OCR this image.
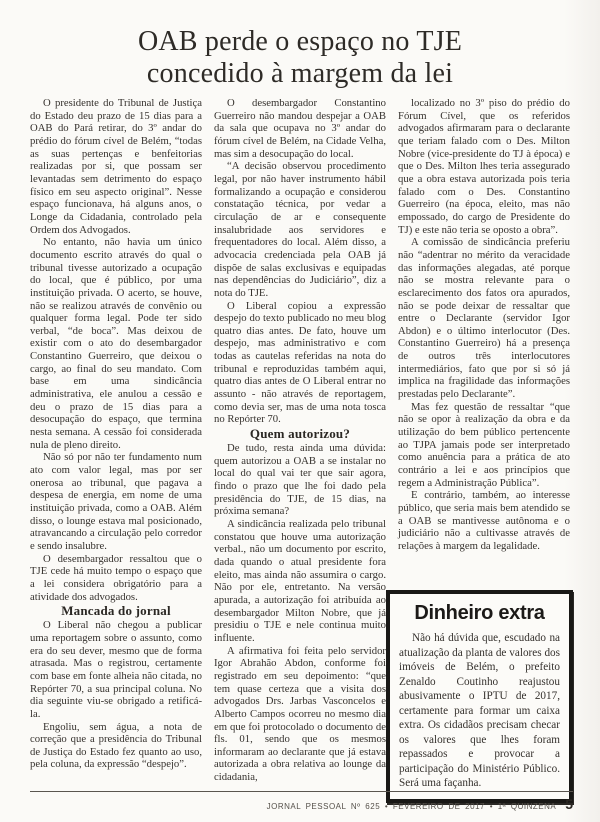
OAB perde o espaço no TJE
concedido à margem da lei

O presidente do Tribunal de Justiça do Estado deu prazo de 15 dias para a OAB do Pará retirar, do 3º andar do prédio do fórum cível de Belém, “todas as suas pertenças e benfeitorias realizadas por si, que possam ser levantadas sem detrimento do espaço físico em seu aspecto original”. Nesse espaço funcionava, há alguns anos, o Longe da Cidadania, controlado pela Ordem dos Advogados.

No entanto, não havia um único documento escrito através do qual o tribunal tivesse autorizado a ocupação do local, que é público, por uma instituição privada. O acerto, se houve, não se realizou através de convênio ou qualquer forma legal. Pode ter sido verbal, “de boca”. Mas deixou de existir com o ato do desembargador Constantino Guerreiro, que deixou o cargo, ao final do seu mandato. Com base em uma sindicância administrativa, ele anulou a cessão e deu o prazo de 15 dias para a desocupação do espaço, que termina nesta semana. A cessão foi considerada nula de pleno direito.

Não só por não ter fundamento num ato com valor legal, mas por ser onerosa ao tribunal, que pagava a despesa de energia, em nome de uma instituição privada, como a OAB. Além disso, o lounge estava mal posicionado, atravancando a circulação pelo corredor e sendo insalubre.

O desembargador ressaltou que o TJE cede há muito tempo o espaço que a lei considera obrigatório para a atividade dos advogados.

Mancada do jornal

O Liberal não chegou a publicar uma reportagem sobre o assunto, como era do seu dever, mesmo que de forma atrasada. Mas o registrou, certamente com base em fonte alheia não citada, no Repórter 70, a sua principal coluna. No dia seguinte viu-se obrigado a retificá-la.

Engoliu, sem água, a nota de correção que a presidência do Tribunal de Justiça do Estado fez quanto ao uso, pela coluna, da expressão “despejo”.

O desembargador Constantino Guerreiro não mandou despejar a OAB da sala que ocupava no 3º andar do fórum cível de Belém, na Cidade Velha, mas sim a desocupação do local.

“A decisão observou procedimento legal, por não haver instrumento hábil formalizando a ocupação e considerou constatação técnica, por vedar a circulação de ar e consequente insalubridade aos servidores e frequentadores do local. Além disso, a advocacia credenciada pela OAB já dispõe de salas exclusivas e equipadas nas dependências do Judiciário”, diz a nota do TJE.

O Liberal copiou a expressão despejo do texto publicado no meu blog quatro dias antes. De fato, houve um despejo, mas administrativo e com todas as cautelas referidas na nota do tribunal e reproduzidas também aqui, quatro dias antes de O Liberal entrar no assunto - não através de reportagem, como devia ser, mas de uma nota tosca no Repórter 70.

Quem autorizou?

De tudo, resta ainda uma dúvida: quem autorizou a OAB a se instalar no local do qual vai ter que sair agora, findo o prazo que lhe foi dado pela presidência do TJE, de 15 dias, na próxima semana?

A sindicância realizada pelo tribunal constatou que houve uma autorização verbal., não um documento por escrito, dada quando o atual presidente fora eleito, mas ainda não assumira o cargo. Não por ele, entretanto. Na versão apurada, a autorização foi atribuída ao desembargador Milton Nobre, que já presidiu o TJE e nele continua muito influente.

A afirmativa foi feita pelo servidor Igor Abrahão Abdon, conforme foi registrado em seu depoimento: “que tem quase certeza que a visita dos advogados Drs. Jarbas Vasconcelos e Alberto Campos ocorreu no mesmo dia em que foi protocolado o documento de fls. 01, sendo que os mesmos informaram ao declarante que já estava autorizada a obra relativa ao lounge da cidadania,

localizado no 3º piso do prédio do Fórum Cível, que os referidos advogados afirmaram para o declarante que teriam falado com o Des. Milton Nobre (vice-presidente do TJ à época) e que o Des. Milton lhes teria assegurado que a obra estava autorizada pois teria falado com o Des. Constantino Guerreiro (na época, eleito, mas não empossado, do cargo de Presidente do TJ) e este não teria se oposto a obra”.

A comissão de sindicância preferiu não “adentrar no mérito da veracidade das informações alegadas, até porque não se mostra relevante para o esclarecimento dos fatos ora apurados, não se pode deixar de ressaltar que entre o Declarante (servidor Igor Abdon) e o último interlocutor (Des. Constantino Guerreiro) há a presença de outros três interlocutores intermediários, fato que por si só já implica na fragilidade das informações prestadas pelo Declarante”.

Mas fez questão de ressaltar “que não se opor à realização da obra e da utilização do bem público pertencente ao TJPA jamais pode ser interpretado como anuência para a prática de ato contrário a lei e aos princípios que regem a Administração Pública”.

E contrário, também, ao interesse público, que seria mais bem atendido se a OAB se mantivesse autônoma e o judiciário não a cultivasse através de relações à margem da legalidade.

Dinheiro extra

Não há dúvida que, escudado na atualização da planta de valores dos imóveis de Belém, o prefeito Zenaldo Coutinho reajustou abusivamente o IPTU de 2017, certamente para formar um caixa extra. Os cidadãos precisam checar os valores que lhes foram repassados e provocar a participação do Ministério Público. Será uma façanha.

JORNAL PESSOAL Nº 625 • FEVEREIRO DE 2017 • 1ª QUINZENA 5
